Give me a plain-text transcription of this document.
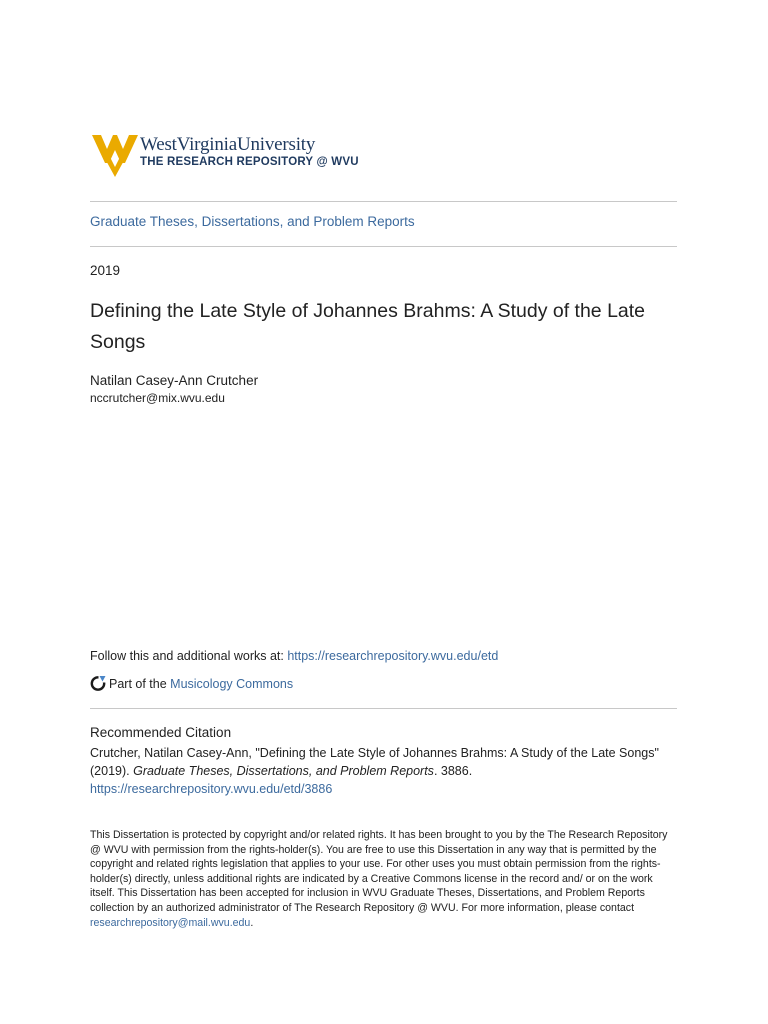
WestVirginiaUniversity
THE RESEARCH REPOSITORY @ WVU
Graduate Theses, Dissertations, and Problem Reports
2019
Defining the Late Style of Johannes Brahms: A Study of the Late Songs
Natilan Casey-Ann Crutcher
nccrutcher@mix.wvu.edu
Follow this and additional works at: https://researchrepository.wvu.edu/etd
Part of the Musicology Commons
Recommended Citation
Crutcher, Natilan Casey-Ann, "Defining the Late Style of Johannes Brahms: A Study of the Late Songs"
(2019). Graduate Theses, Dissertations, and Problem Reports. 3886.
https://researchrepository.wvu.edu/etd/3886
This Dissertation is protected by copyright and/or related rights. It has been brought to you by the The Research Repository @ WVU with permission from the rights-holder(s). You are free to use this Dissertation in any way that is permitted by the copyright and related rights legislation that applies to your use. For other uses you must obtain permission from the rights-holder(s) directly, unless additional rights are indicated by a Creative Commons license in the record and/ or on the work itself. This Dissertation has been accepted for inclusion in WVU Graduate Theses, Dissertations, and Problem Reports collection by an authorized administrator of The Research Repository @ WVU. For more information, please contact researchrepository@mail.wvu.edu.
